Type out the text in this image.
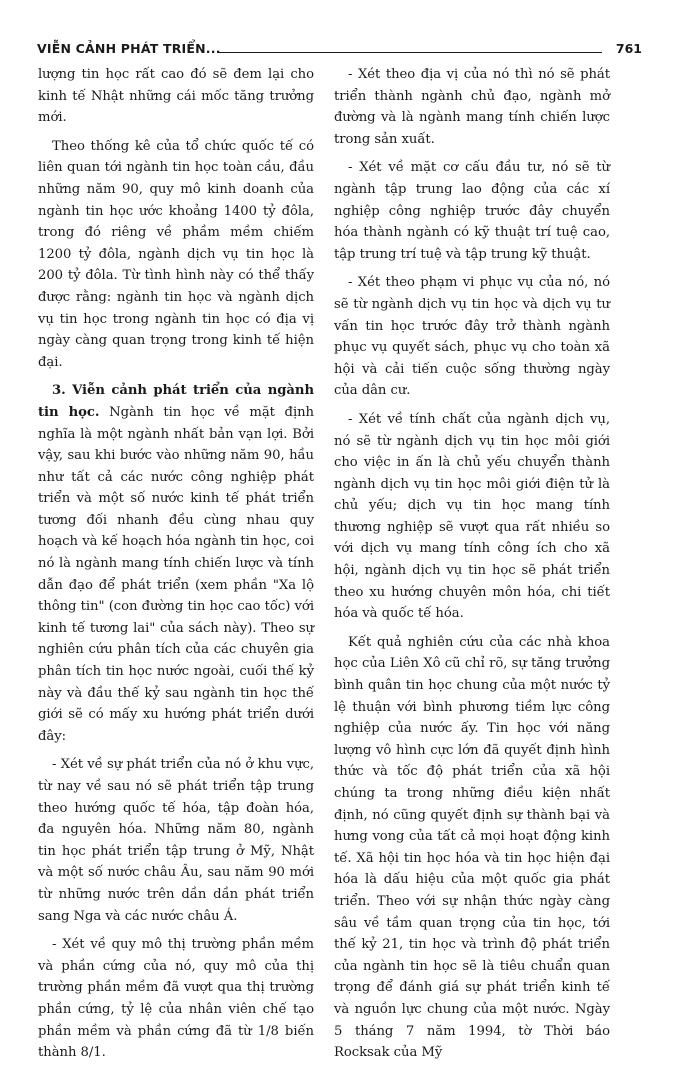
VIỄN CẢNH PHÁT TRIỂN...	761

lượng tin học rất cao đó sẽ đem lại cho kinh tế Nhật những cái mốc tăng trưởng mới.

Theo thống kê của tổ chức quốc tế có liên quan tới ngành tin học toàn cầu, đầu những năm 90, quy mô kinh doanh của ngành tin học ước khoảng 1400 tỷ đôla, trong đó riêng về phầm mềm chiếm 1200 tỷ đôla, ngành dịch vụ tin học là 200 tỷ đôla. Từ tình hình này có thể thấy được rằng: ngành tin học và ngành dịch vụ tin học trong ngành tin học có địa vị ngày càng quan trọng trong kinh tế hiện đại.

3. Viễn cảnh phát triển của ngành tin học. Ngành tin học về mặt định nghĩa là một ngành nhất bản vạn lợi. Bởi vậy, sau khi bước vào những năm 90, hầu như tất cả các nước công nghiệp phát triển và một số nước kinh tế phát triển tương đối nhanh đều cùng nhau quy hoạch và kế hoạch hóa ngành tin học, coi nó là ngành mang tính chiến lược và tính dẫn đạo để phát triển (xem phần "Xa lộ thông tin" (con đường tin học cao tốc) với kinh tế tương lai" của sách này). Theo sự nghiên cứu phân tích của các chuyên gia phân tích tin học nước ngoài, cuối thế kỷ này và đầu thế kỷ sau ngành tin học thế giới sẽ có mấy xu hướng phát triển dưới đây:

- Xét về sự phát triển của nó ở khu vực, từ nay về sau nó sẽ phát triển tập trung theo hướng quốc tế hóa, tập đoàn hóa, đa nguyên hóa. Những năm 80, ngành tin học phát triển tập trung ở Mỹ, Nhật và một số nước châu Âu, sau năm 90 mới từ những nước trên dần dần phát triển sang Nga và các nước châu Á.

- Xét về quy mô thị trường phần mềm và phần cứng của nó, quy mô của thị trường phần mềm đã vượt qua thị trường phần cứng, tỷ lệ của nhân viên chế tạo phần mềm và phần cứng đã từ 1/8 biến thành 8/1.

- Xét theo địa vị của nó thì nó sẽ phát triển thành ngành chủ đạo, ngành mở đường và là ngành mang tính chiến lược trong sản xuất.

- Xét về mặt cơ cấu đầu tư, nó sẽ từ ngành tập trung lao động của các xí nghiệp công nghiệp trước đây chuyển hóa thành ngành có kỹ thuật trí tuệ cao, tập trung trí tuệ và tập trung kỹ thuật.

- Xét theo phạm vi phục vụ của nó, nó sẽ từ ngành dịch vụ tin học và dịch vụ tư vấn tin học trước đây trở thành ngành phục vụ quyết sách, phục vụ cho toàn xã hội và cải tiến cuộc sống thường ngày của dân cư.

- Xét về tính chất của ngành dịch vụ, nó sẽ từ ngành dịch vụ tin học môi giới cho việc in ấn là chủ yếu chuyển thành ngành dịch vụ tin học môi giới điện tử là chủ yếu; dịch vụ tin học mang tính thương nghiệp sẽ vượt qua rất nhiều so với dịch vụ mang tính công ích cho xã hội, ngành dịch vụ tin học sẽ phát triển theo xu hướng chuyên môn hóa, chi tiết hóa và quốc tế hóa.

Kết quả nghiên cứu của các nhà khoa học của Liên Xô cũ chỉ rõ, sự tăng trưởng bình quân tin học chung của một nước tỷ lệ thuận với bình phương tiềm lực công nghiệp của nước ấy. Tin học với năng lượng vô hình cực lớn đã quyết định hình thức và tốc độ phát triển của xã hội chúng ta trong những điều kiện nhất định, nó cũng quyết định sự thành bại và hưng vong của tất cả mọi hoạt động kinh tế. Xã hội tin học hóa và tin học hiện đại hóa là dấu hiệu của một quốc gia phát triển. Theo với sự nhận thức ngày càng sâu về tầm quan trọng của tin học, tới thế kỷ 21, tin học và trình độ phát triển của ngành tin học sẽ là tiêu chuẩn quan trọng để đánh giá sự phát triển kinh tế và nguồn lực chung của một nước. Ngày 5 tháng 7 năm 1994, tờ Thời báo Rocksak của Mỹ
